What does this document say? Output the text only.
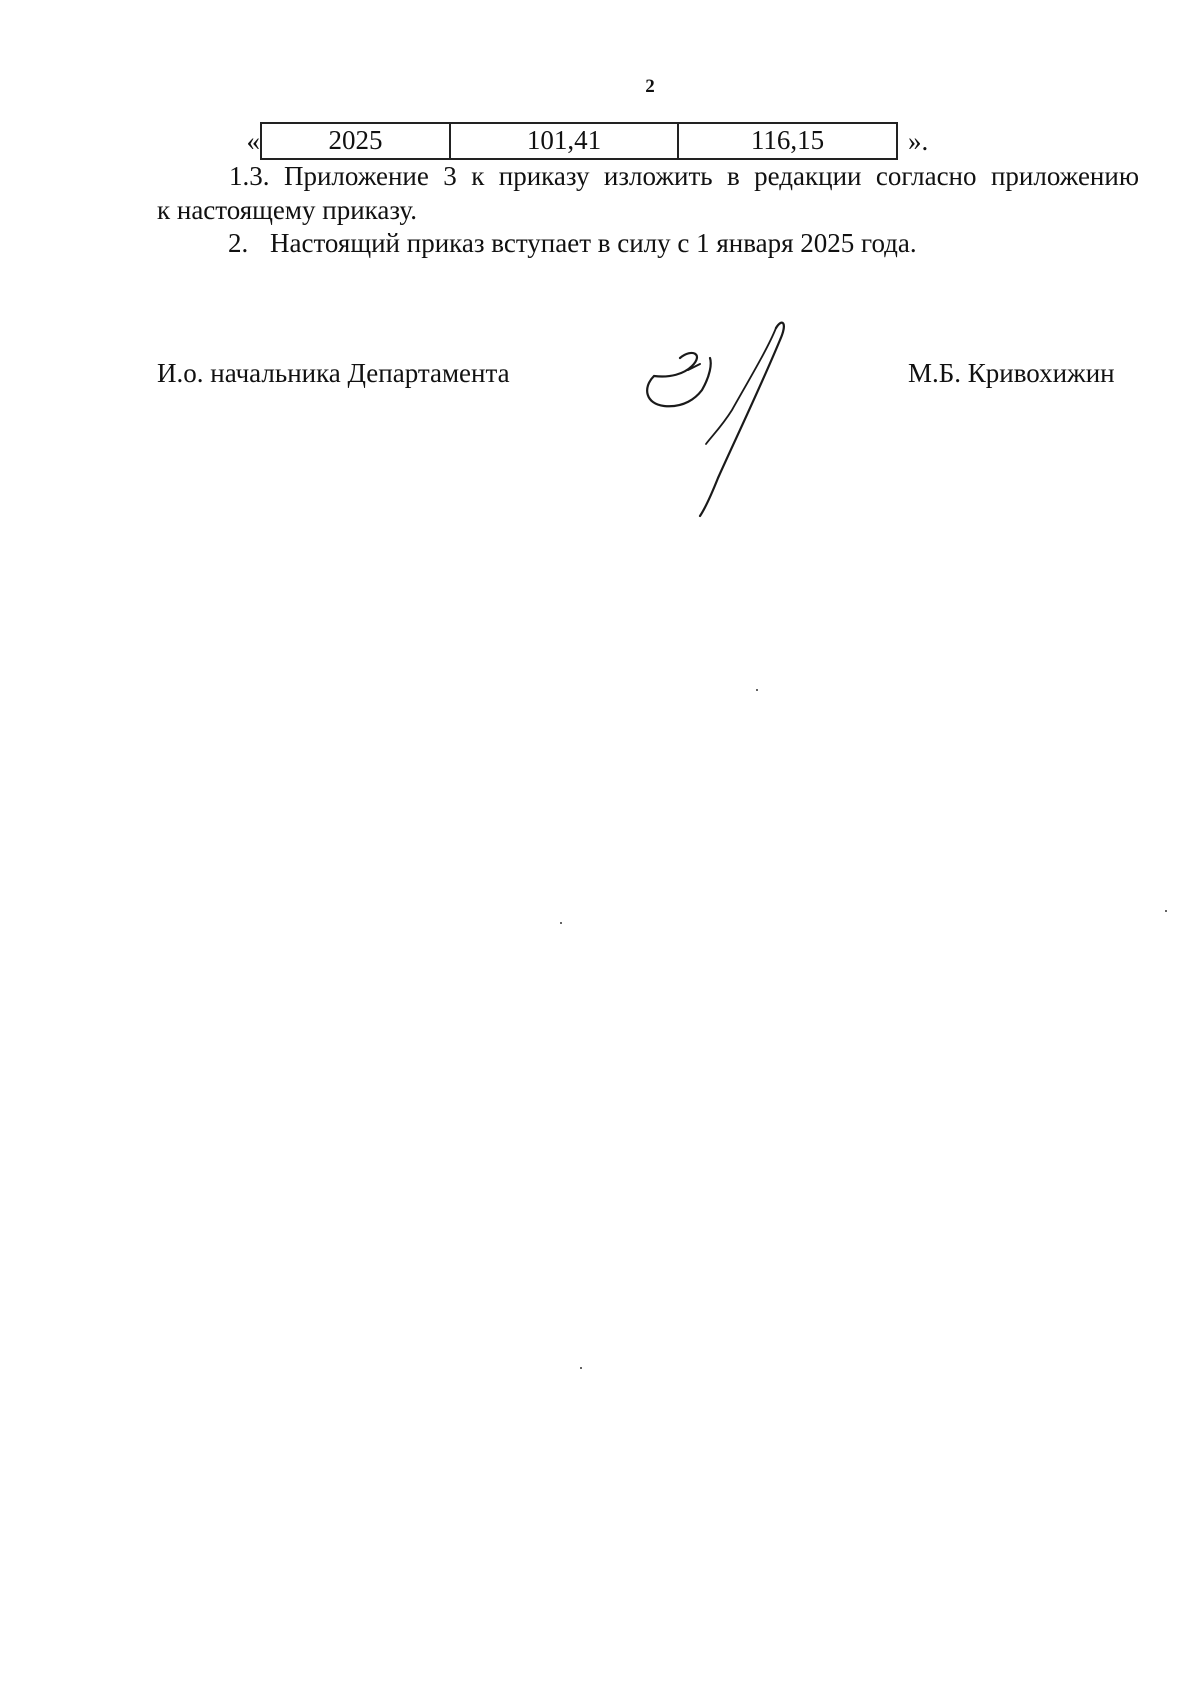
2
«	2025	101,41	116,15	».
1.3. Приложение 3 к приказу изложить в редакции согласно приложению
к настоящему приказу.
2. Настоящий приказ вступает в силу с 1 января 2025 года.
И.о. начальника Департамента	М.Б. Кривохижин
